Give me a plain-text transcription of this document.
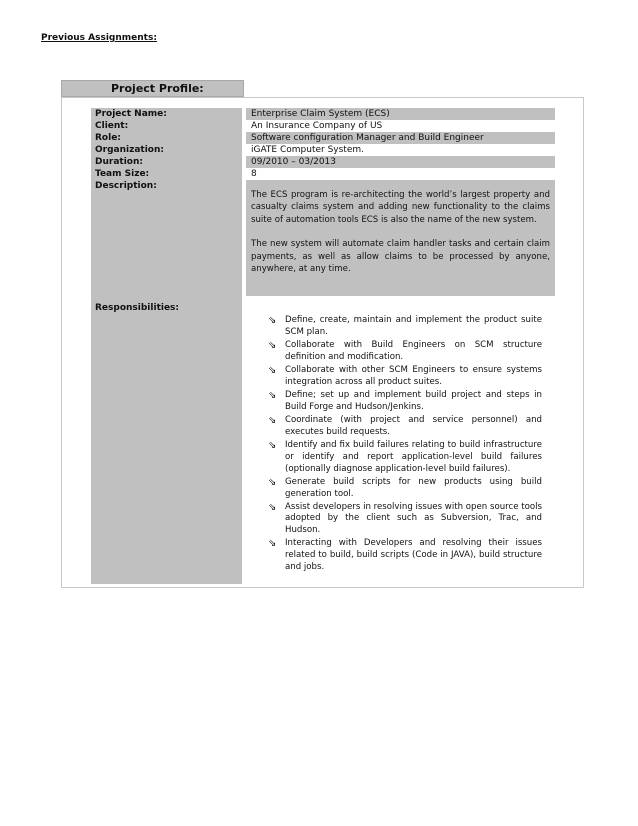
Previous Assignments:
Project Profile:
Project Name:
Client:
Role:
Organization:
Duration:
Team Size:
Description:
Responsibilities:
Enterprise Claim System (ECS)
An Insurance Company of US
Software configuration Manager and Build Engineer
iGATE Computer System.
09/2010 – 03/2013
8

The ECS program is re-architecting the world’s largest property and casualty claims system and adding new functionality to the claims suite of automation tools ECS is also the name of the new system.

The new system will automate claim handler tasks and certain claim payments, as well as allow claims to be processed by anyone, anywhere, at any time.

⇘ Define, create, maintain and implement the product suite SCM plan.
⇘ Collaborate with Build Engineers on SCM structure definition and modification.
⇘ Collaborate with other SCM Engineers to ensure systems integration across all product suites.
⇘ Define; set up and implement build project and steps in Build Forge and Hudson/Jenkins.
⇘ Coordinate (with project and service personnel) and executes build requests.
⇘ Identify and fix build failures relating to build infrastructure or identify and report application-level build failures (optionally diagnose application-level build failures).
⇘ Generate build scripts for new products using build generation tool.
⇘ Assist developers in resolving issues with open source tools adopted by the client such as Subversion, Trac, and Hudson.
⇘ Interacting with Developers and resolving their issues related to build, build scripts (Code in JAVA), build structure and jobs.
